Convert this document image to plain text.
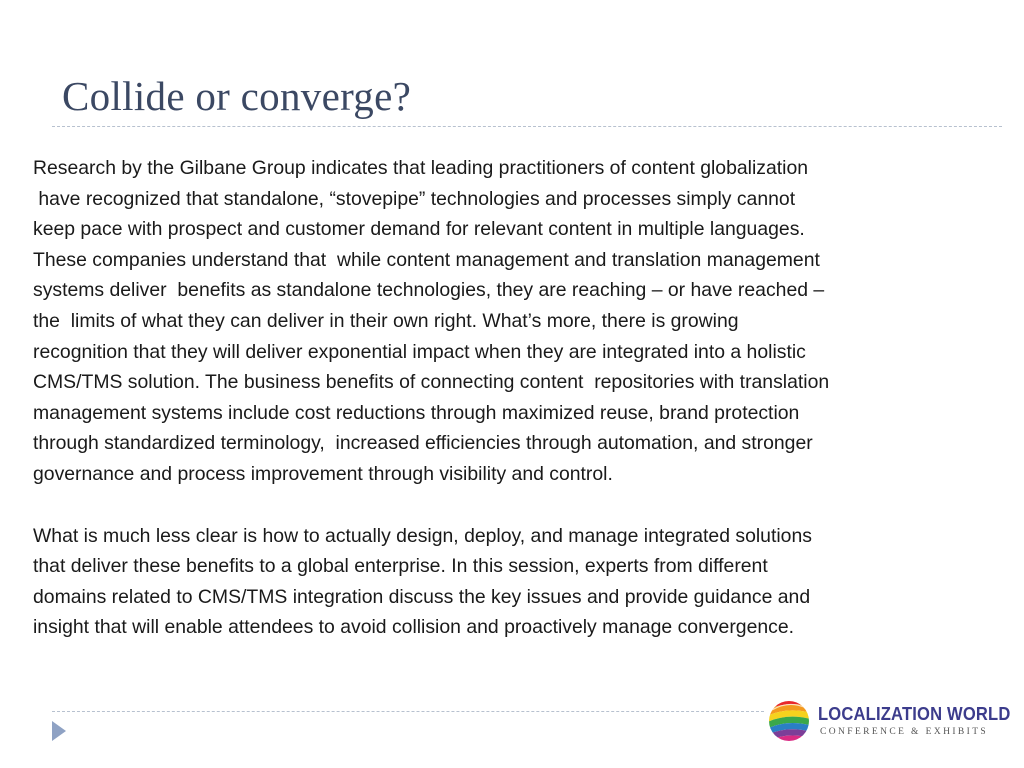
Collide or converge?
Research by the Gilbane Group indicates that leading practitioners of content globalization
have recognized that standalone, “stovepipe” technologies and processes simply cannot
keep pace with prospect and customer demand for relevant content in multiple languages.
These companies understand that  while content management and translation management
systems deliver  benefits as standalone technologies, they are reaching – or have reached –
the  limits of what they can deliver in their own right. What’s more, there is growing
recognition that they will deliver exponential impact when they are integrated into a holistic
CMS/TMS solution. The business benefits of connecting content  repositories with translation
management systems include cost reductions through maximized reuse, brand protection
through standardized terminology,  increased efficiencies through automation, and stronger
governance and process improvement through visibility and control.
What is much less clear is how to actually design, deploy, and manage integrated solutions
that deliver these benefits to a global enterprise. In this session, experts from different
domains related to CMS/TMS integration discuss the key issues and provide guidance and
insight that will enable attendees to avoid collision and proactively manage convergence.
LOCALIZATION WORLD
CONFERENCE & EXHIBITS
